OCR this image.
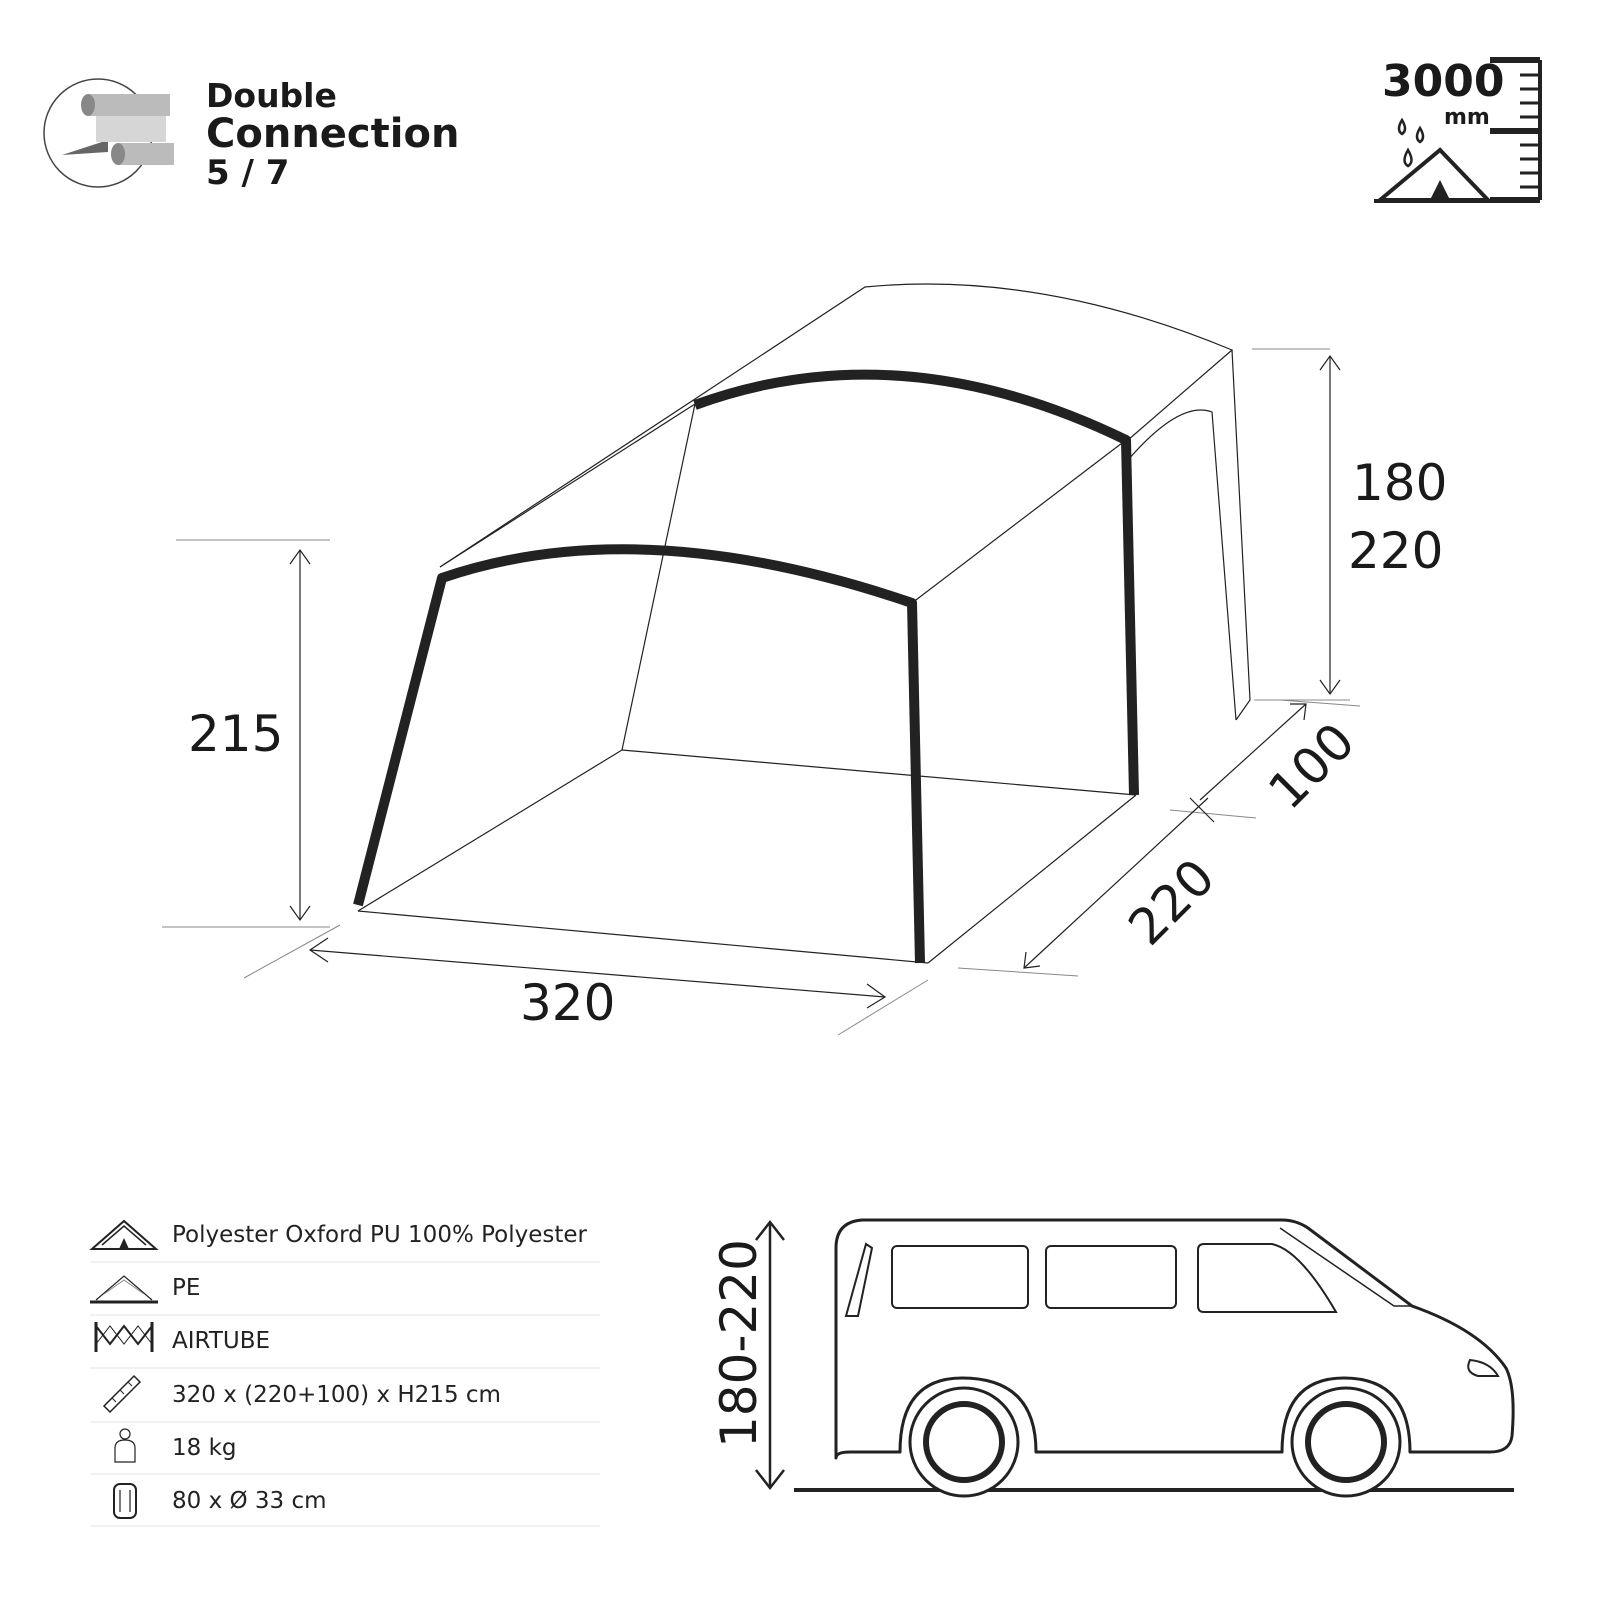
Double
Connection
5 / 7
3000
mm
215
320
180
220
220
100
Polyester Oxford PU 100% Polyester
PE
AIRTUBE
320 x (220+100) x H215 cm
18 kg
80 x Ø 33 cm
180-220
